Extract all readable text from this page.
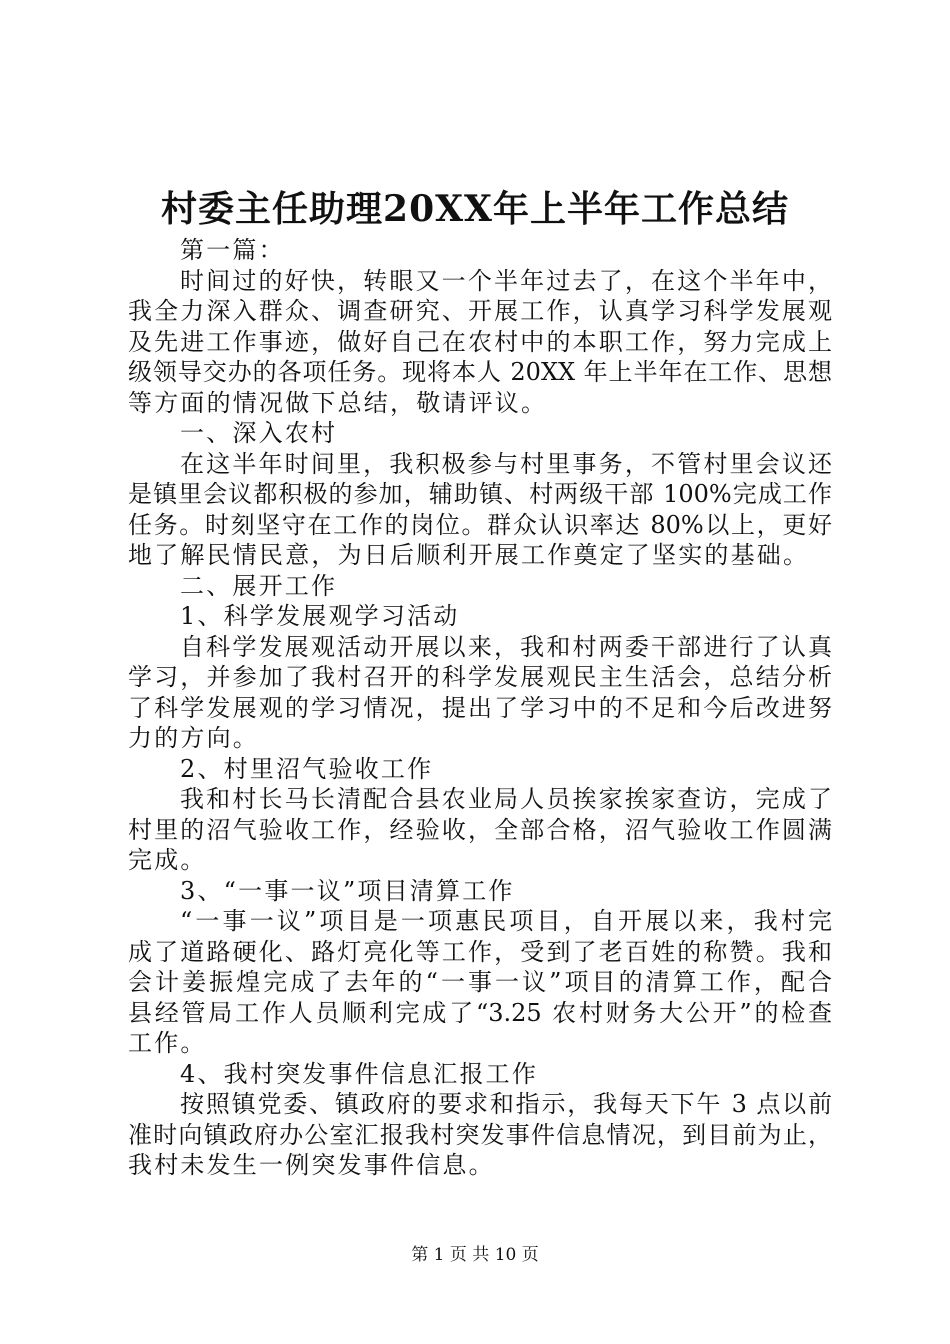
村委主任助理20XX年上半年工作总结
第一篇：
时间过的好快，转眼又一个半年过去了，在这个半年中，
我全力深入群众、调查研究、开展工作，认真学习科学发展观
及先进工作事迹，做好自己在农村中的本职工作，努力完成上
级领导交办的各项任务。现将本人 20XX 年上半年在工作、思想
等方面的情况做下总结，敬请评议。
一、深入农村
在这半年时间里，我积极参与村里事务，不管村里会议还
是镇里会议都积极的参加，辅助镇、村两级干部 100%完成工作
任务。时刻坚守在工作的岗位。群众认识率达 80%以上，更好
地了解民情民意，为日后顺利开展工作奠定了坚实的基础。
二、展开工作
1、科学发展观学习活动
自科学发展观活动开展以来，我和村两委干部进行了认真
学习，并参加了我村召开的科学发展观民主生活会，总结分析
了科学发展观的学习情况，提出了学习中的不足和今后改进努
力的方向。
2、村里沼气验收工作
我和村长马长清配合县农业局人员挨家挨家查访，完成了
村里的沼气验收工作，经验收，全部合格，沼气验收工作圆满
完成。
3、“一事一议”项目清算工作
“一事一议”项目是一项惠民项目，自开展以来，我村完
成了道路硬化、路灯亮化等工作，受到了老百姓的称赞。我和
会计姜振煌完成了去年的“一事一议”项目的清算工作，配合
县经管局工作人员顺利完成了“3.25 农村财务大公开”的检查
工作。
4、我村突发事件信息汇报工作
按照镇党委、镇政府的要求和指示，我每天下午 3 点以前
准时向镇政府办公室汇报我村突发事件信息情况，到目前为止，
我村未发生一例突发事件信息。
第 1 页 共 10 页
